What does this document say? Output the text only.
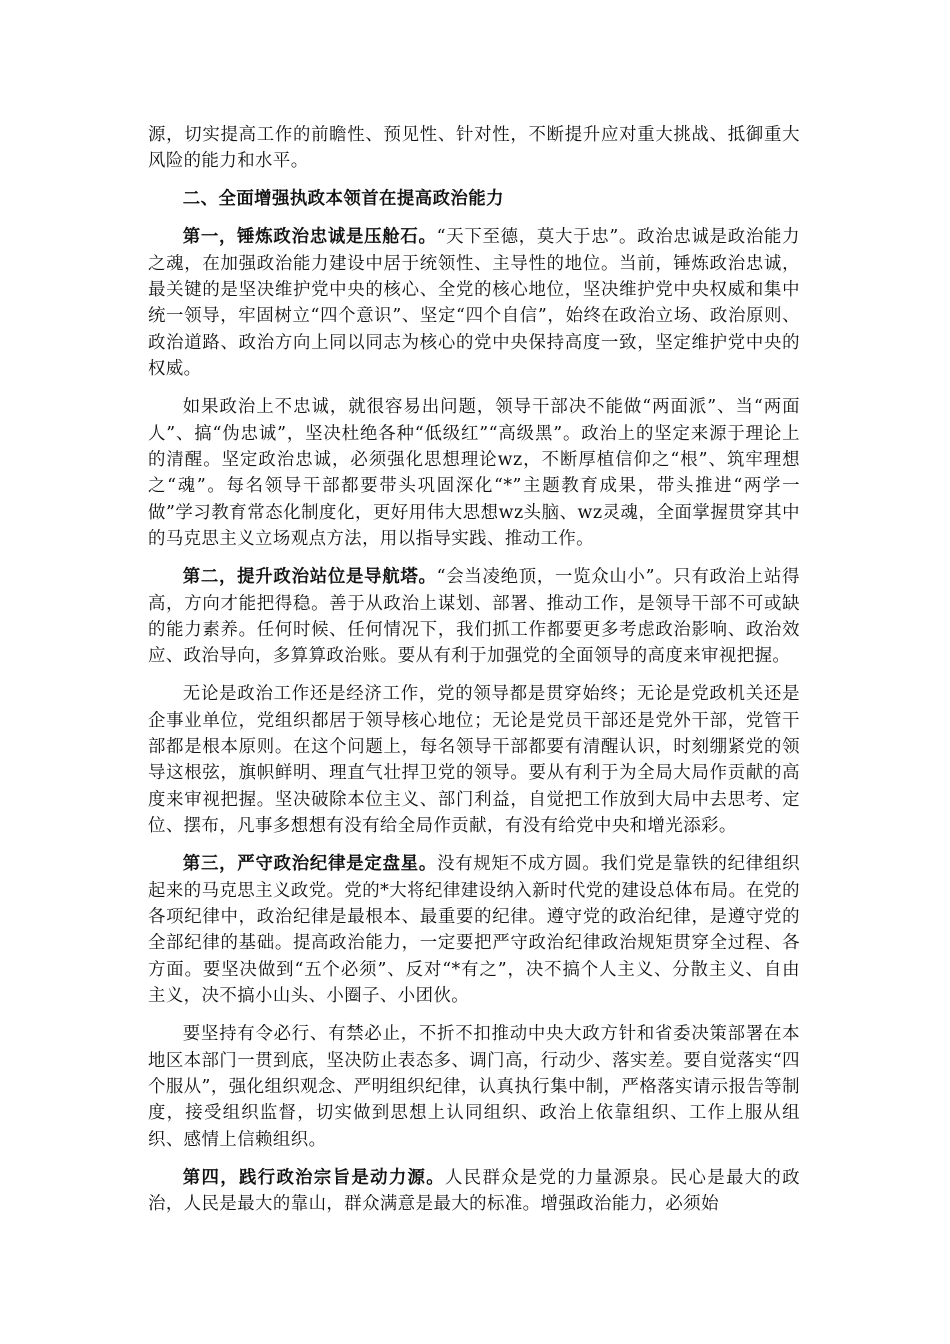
源，切实提高工作的前瞻性、预见性、针对性，不断提升应对重大挑战、抵御重大风险的能力和水平。

二、全面增强执政本领首在提高政治能力

第一，锤炼政治忠诚是压舱石。“天下至德，莫大于忠”。政治忠诚是政治能力之魂，在加强政治能力建设中居于统领性、主导性的地位。当前，锤炼政治忠诚，最关键的是坚决维护党中央的核心、全党的核心地位，坚决维护党中央权威和集中统一领导，牢固树立“四个意识”、坚定“四个自信”，始终在政治立场、政治原则、政治道路、政治方向上同以同志为核心的党中央保持高度一致，坚定维护党中央的权威。

如果政治上不忠诚，就很容易出问题，领导干部决不能做“两面派”、当“两面人”、搞“伪忠诚”，坚决杜绝各种“低级红”“高级黑”。政治上的坚定来源于理论上的清醒。坚定政治忠诚，必须强化思想理论wz，不断厚植信仰之“根”、筑牢理想之“魂”。每名领导干部都要带头巩固深化“*”主题教育成果，带头推进“两学一做”学习教育常态化制度化，更好用伟大思想wz头脑、wz灵魂，全面掌握贯穿其中的马克思主义立场观点方法，用以指导实践、推动工作。

第二，提升政治站位是导航塔。“会当凌绝顶，一览众山小”。只有政治上站得高，方向才能把得稳。善于从政治上谋划、部署、推动工作，是领导干部不可或缺的能力素养。任何时候、任何情况下，我们抓工作都要更多考虑政治影响、政治效应、政治导向，多算算政治账。要从有利于加强党的全面领导的高度来审视把握。

无论是政治工作还是经济工作，党的领导都是贯穿始终；无论是党政机关还是企事业单位，党组织都居于领导核心地位；无论是党员干部还是党外干部，党管干部都是根本原则。在这个问题上，每名领导干部都要有清醒认识，时刻绷紧党的领导这根弦，旗帜鲜明、理直气壮捍卫党的领导。要从有利于为全局大局作贡献的高度来审视把握。坚决破除本位主义、部门利益，自觉把工作放到大局中去思考、定位、摆布，凡事多想想有没有给全局作贡献，有没有给党中央和增光添彩。

第三，严守政治纪律是定盘星。没有规矩不成方圆。我们党是靠铁的纪律组织起来的马克思主义政党。党的*大将纪律建设纳入新时代党的建设总体布局。在党的各项纪律中，政治纪律是最根本、最重要的纪律。遵守党的政治纪律，是遵守党的全部纪律的基础。提高政治能力，一定要把严守政治纪律政治规矩贯穿全过程、各方面。要坚决做到“五个必须”、反对“*有之”，决不搞个人主义、分散主义、自由主义，决不搞小山头、小圈子、小团伙。

要坚持有令必行、有禁必止，不折不扣推动中央大政方针和省委决策部署在本地区本部门一贯到底，坚决防止表态多、调门高，行动少、落实差。要自觉落实“四个服从”，强化组织观念、严明组织纪律，认真执行集中制，严格落实请示报告等制度，接受组织监督，切实做到思想上认同组织、政治上依靠组织、工作上服从组织、感情上信赖组织。

第四，践行政治宗旨是动力源。人民群众是党的力量源泉。民心是最大的政治，人民是最大的靠山，群众满意是最大的标准。增强政治能力，必须始
